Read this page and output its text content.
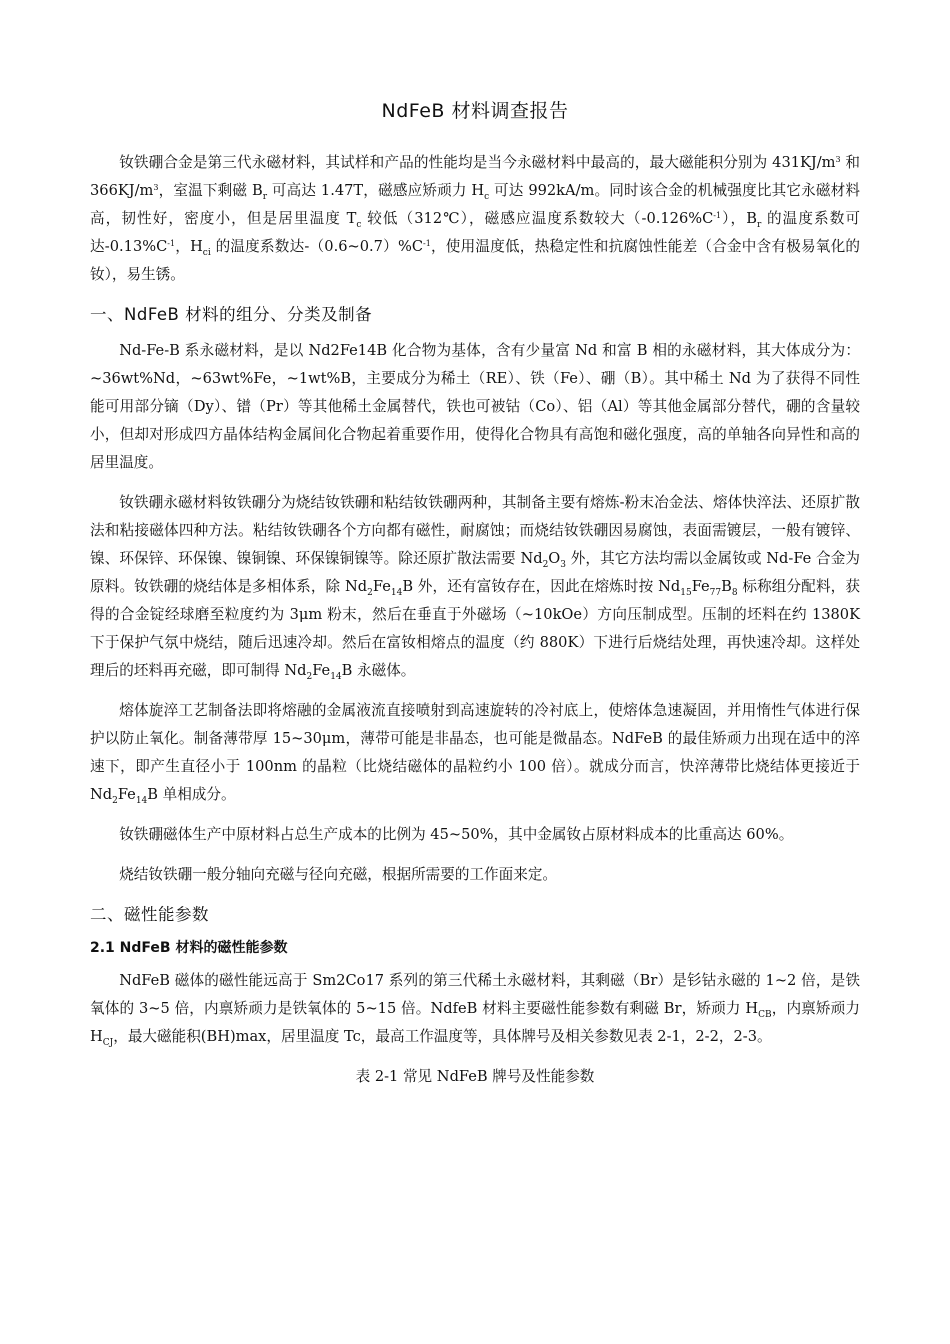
NdFeB 材料调查报告

钕铁硼合金是第三代永磁材料，其试样和产品的性能均是当今永磁材料中最高的，最大磁能积分别为 $431KJ/m^3$ 和 $366KJ/m^3$，室温下剩磁 $B_r$ 可高达 1.47T，磁感应矫顽力 $H_c$ 可达 992kA/m。同时该合金的机械强度比其它永磁材料高，韧性好，密度小，但是居里温度 $T_c$ 较低（312℃），磁感应温度系数较大$(-0.126\%C^{-1})$，$B_r$ 的温度系数可达$-0.13\%C^{-1}$，$H_{ci}$ 的温度系数达$-(0.6\sim 0.7)\%C^{-1}$，使用温度低，热稳定性和抗腐蚀性能差（合金中含有极易氧化的钕），易生锈。

一、NdFeB 材料的组分、分类及制备

Nd-Fe-B 系永磁材料，是以 Nd2Fe14B 化合物为基体，含有少量富 Nd 和富 B 相的永磁材料，其大体成分为：~36wt%Nd，~63wt%Fe，~1wt%B，主要成分为稀土（RE）、铁（Fe）、硼（B）。其中稀土 Nd 为了获得不同性能可用部分镝（Dy）、镨（Pr）等其他稀土金属替代，铁也可被钴（Co）、铝（Al）等其他金属部分替代，硼的含量较小，但却对形成四方晶体结构金属间化合物起着重要作用，使得化合物具有高饱和磁化强度，高的单轴各向异性和高的居里温度。

钕铁硼永磁材料钕铁硼分为烧结钕铁硼和粘结钕铁硼两种，其制备主要有熔炼-粉末冶金法、熔体快淬法、还原扩散法和粘接磁体四种方法。粘结钕铁硼各个方向都有磁性，耐腐蚀；而烧结钕铁硼因易腐蚀，表面需镀层，一般有镀锌、镍、环保锌、环保镍、镍铜镍、环保镍铜镍等。除还原扩散法需要 $Nd_2O_3$ 外，其它方法均需以金属钕或 Nd-Fe 合金为原料。钕铁硼的烧结体是多相体系，除 $Nd_2Fe_{14}B$ 外，还有富钕存在，因此在熔炼时按 $Nd_{15}Fe_{77}B_8$ 标称组分配料，获得的合金锭经球磨至粒度约为 3μm 粉末，然后在垂直于外磁场（~10kOe）方向压制成型。压制的坯料在约 1380K 下于保护气氛中烧结，随后迅速冷却。然后在富钕相熔点的温度（约 880K）下进行后烧结处理，再快速冷却。这样处理后的坯料再充磁，即可制得 $Nd_2Fe_{14}B$ 永磁体。

熔体旋淬工艺制备法即将熔融的金属液流直接喷射到高速旋转的冷衬底上，使熔体急速凝固，并用惰性气体进行保护以防止氧化。制备薄带厚 15~30μm，薄带可能是非晶态，也可能是微晶态。NdFeB 的最佳矫顽力出现在适中的淬速下，即产生直径小于 100nm 的晶粒（比烧结磁体的晶粒约小 100 倍）。就成分而言，快淬薄带比烧结体更接近于 $Nd_2Fe_{14}B$ 单相成分。

钕铁硼磁体生产中原材料占总生产成本的比例为 45~50%，其中金属钕占原材料成本的比重高达 60%。

烧结钕铁硼一般分轴向充磁与径向充磁，根据所需要的工作面来定。

二、磁性能参数
2.1 NdFeB 材料的磁性能参数

NdFeB 磁体的磁性能远高于 Sm2Co17 系列的第三代稀土永磁材料，其剩磁（Br）是钐钴永磁的 1~2 倍，是铁氧体的 3~5 倍，内禀矫顽力是铁氧体的 5~15 倍。NdfeB 材料主要磁性能参数有剩磁 Br，矫顽力 $H_{CB}$，内禀矫顽力 $H_{CJ}$，最大磁能积(BH)max，居里温度 Tc，最高工作温度等，具体牌号及相关参数见表 2-1，2-2，2-3。

表 2-1 常见 NdFeB 牌号及性能参数
